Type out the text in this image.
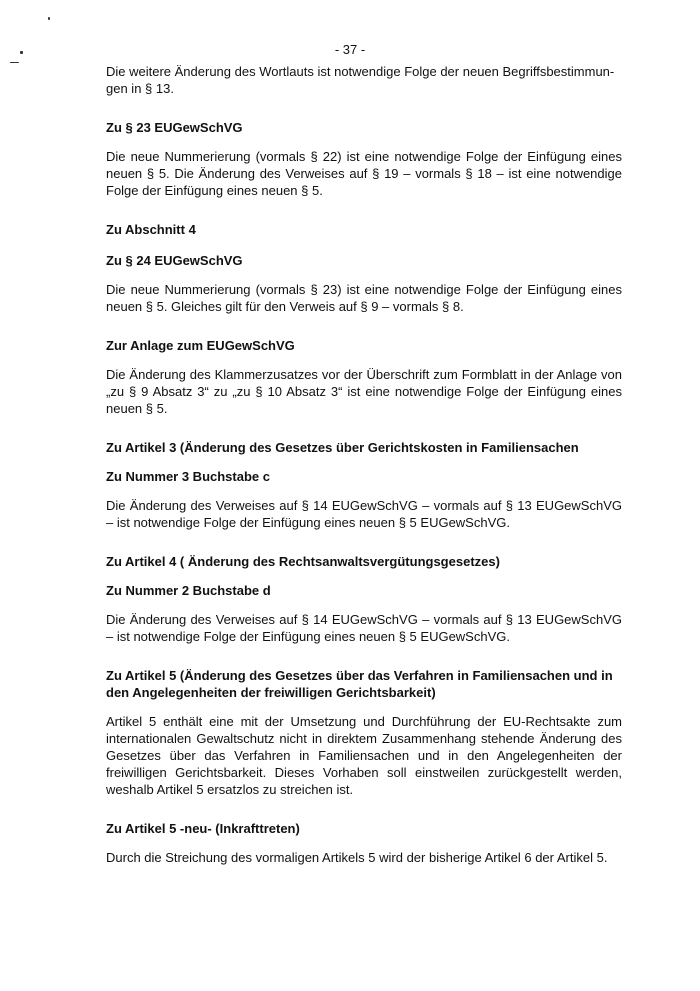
- 37 -

Die weitere Änderung des Wortlauts ist notwendige Folge der neuen Begriffsbestimmun-
gen in § 13.

Zu § 23 EUGewSchVG

Die neue Nummerierung (vormals § 22) ist eine notwendige Folge der Einfügung eines neuen § 5. Die Änderung des Verweises auf § 19 – vormals § 18 – ist eine notwendige Folge der Einfügung eines neuen § 5.

Zu Abschnitt 4
Zu § 24 EUGewSchVG

Die neue Nummerierung (vormals § 23) ist eine notwendige Folge der Einfügung eines neuen § 5. Gleiches gilt für den Verweis auf § 9 – vormals § 8.

Zur Anlage zum EUGewSchVG

Die Änderung des Klammerzusatzes vor der Überschrift zum Formblatt in der Anlage von „zu § 9 Absatz 3“ zu „zu § 10 Absatz 3“ ist eine notwendige Folge der Einfügung eines neuen § 5.

Zu Artikel 3 (Änderung des Gesetzes über Gerichtskosten in Familiensachen
Zu Nummer 3 Buchstabe c

Die Änderung des Verweises auf § 14 EUGewSchVG – vormals auf § 13 EUGewSchVG – ist notwendige Folge der Einfügung eines neuen § 5 EUGewSchVG.

Zu Artikel 4 ( Änderung des Rechtsanwaltsvergütungsgesetzes)
Zu Nummer 2 Buchstabe d

Die Änderung des Verweises auf § 14 EUGewSchVG – vormals auf § 13 EUGewSchVG – ist notwendige Folge der Einfügung eines neuen § 5 EUGewSchVG.

Zu Artikel 5 (Änderung des Gesetzes über das Verfahren in Familiensachen und in den Angelegenheiten der freiwilligen Gerichtsbarkeit)

Artikel 5 enthält eine mit der Umsetzung und Durchführung der EU-Rechtsakte zum internationalen Gewaltschutz nicht in direktem Zusammenhang stehende Änderung des Gesetzes über das Verfahren in Familiensachen und in den Angelegenheiten der freiwilligen Gerichtsbarkeit. Dieses Vorhaben soll einstweilen zurückgestellt werden, weshalb Artikel 5 ersatzlos zu streichen ist.

Zu Artikel 5 -neu- (Inkrafttreten)

Durch die Streichung des vormaligen Artikels 5 wird der bisherige Artikel 6 der Artikel 5.
